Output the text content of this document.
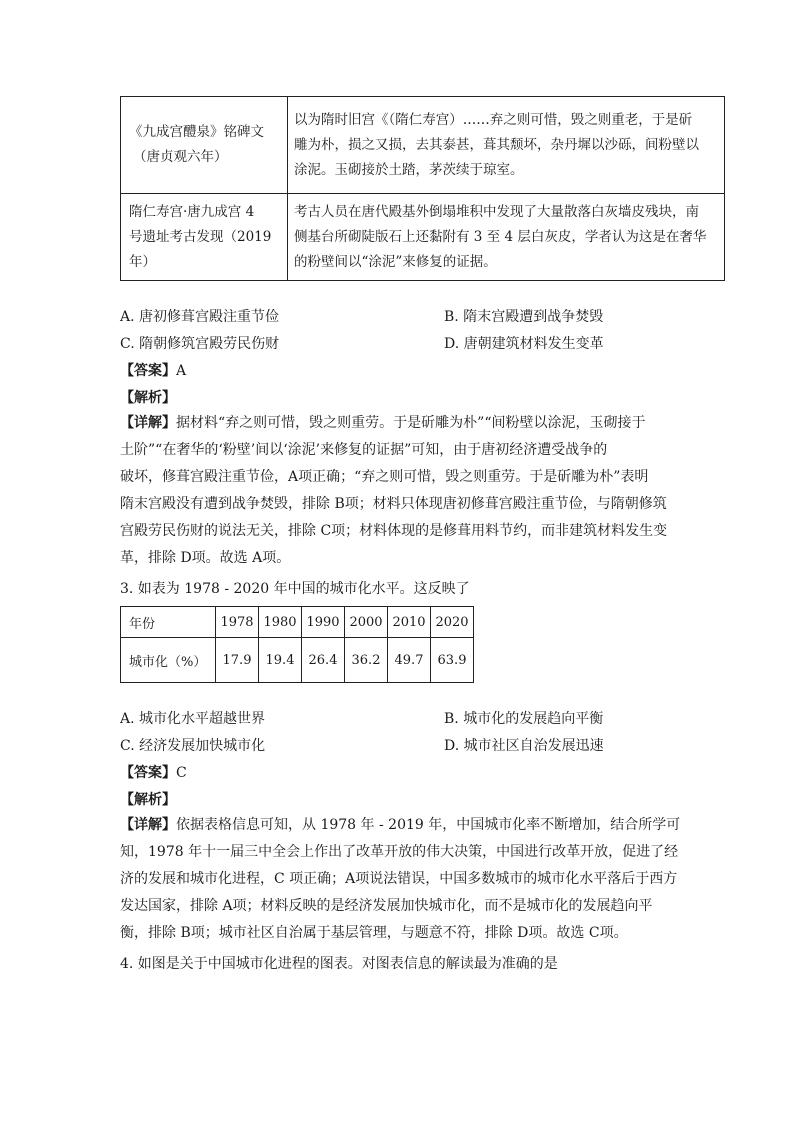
《九成宫醴泉》铭碑文
（唐贞观六年）	以为隋时旧宫《（隋仁寿宫）……弃之则可惜，毁之则重老，于是斫
雕为朴，损之又损，去其泰甚，葺其颓坏，杂丹墀以沙砾，间粉壁以
涂泥。玉砌接於土踏，茅茨续于琼室。

隋仁寿宫·唐九成宫 4
号遗址考古发现（2019
年）	考古人员在唐代殿基外倒塌堆积中发现了大量散落白灰墙皮残块，南
侧基台所砌陡版石上还黏附有 3 至 4 层白灰皮，学者认为这是在奢华
的粉壁间以“涂泥”来修复的证据。
A. 唐初修葺宫殿注重节俭	B. 隋末宫殿遭到战争焚毁
C. 隋朝修筑宫殿劳民伤财	D. 唐朝建筑材料发生变革
【答案】A
【解析】
【详解】据材料“弃之则可惜，毁之则重劳。于是斫雕为朴”“间粉壁以涂泥，玉砌接于
土阶”“在奢华的‘粉壁’间以‘涂泥’来修复的证据”可知，由于唐初经济遭受战争的
破坏，修葺宫殿注重节俭，A项正确；“弃之则可惜，毁之则重劳。于是斫雕为朴”表明
隋末宫殿没有遭到战争焚毁，排除 B项；材料只体现唐初修葺宫殿注重节俭，与隋朝修筑
宫殿劳民伤财的说法无关，排除 C项；材料体现的是修葺用料节约，而非建筑材料发生变
革，排除 D项。故选 A项。
3. 如表为 1978 - 2020 年中国的城市化水平。这反映了
年份	1978	1980	1990	2000	2010	2020
城市化（%）	17.9	19.4	26.4	36.2	49.7	63.9
A. 城市化水平超越世界	B. 城市化的发展趋向平衡
C. 经济发展加快城市化	D. 城市社区自治发展迅速
【答案】C
【解析】
【详解】依据表格信息可知，从 1978 年 - 2019 年，中国城市化率不断增加，结合所学可
知，1978 年十一届三中全会上作出了改革开放的伟大决策，中国进行改革开放，促进了经
济的发展和城市化进程，C 项正确；A项说法错误，中国多数城市的城市化水平落后于西方
发达国家，排除 A项；材料反映的是经济发展加快城市化，而不是城市化的发展趋向平
衡，排除 B项；城市社区自治属于基层管理，与题意不符，排除 D项。故选 C项。
4. 如图是关于中国城市化进程的图表。对图表信息的解读最为准确的是
